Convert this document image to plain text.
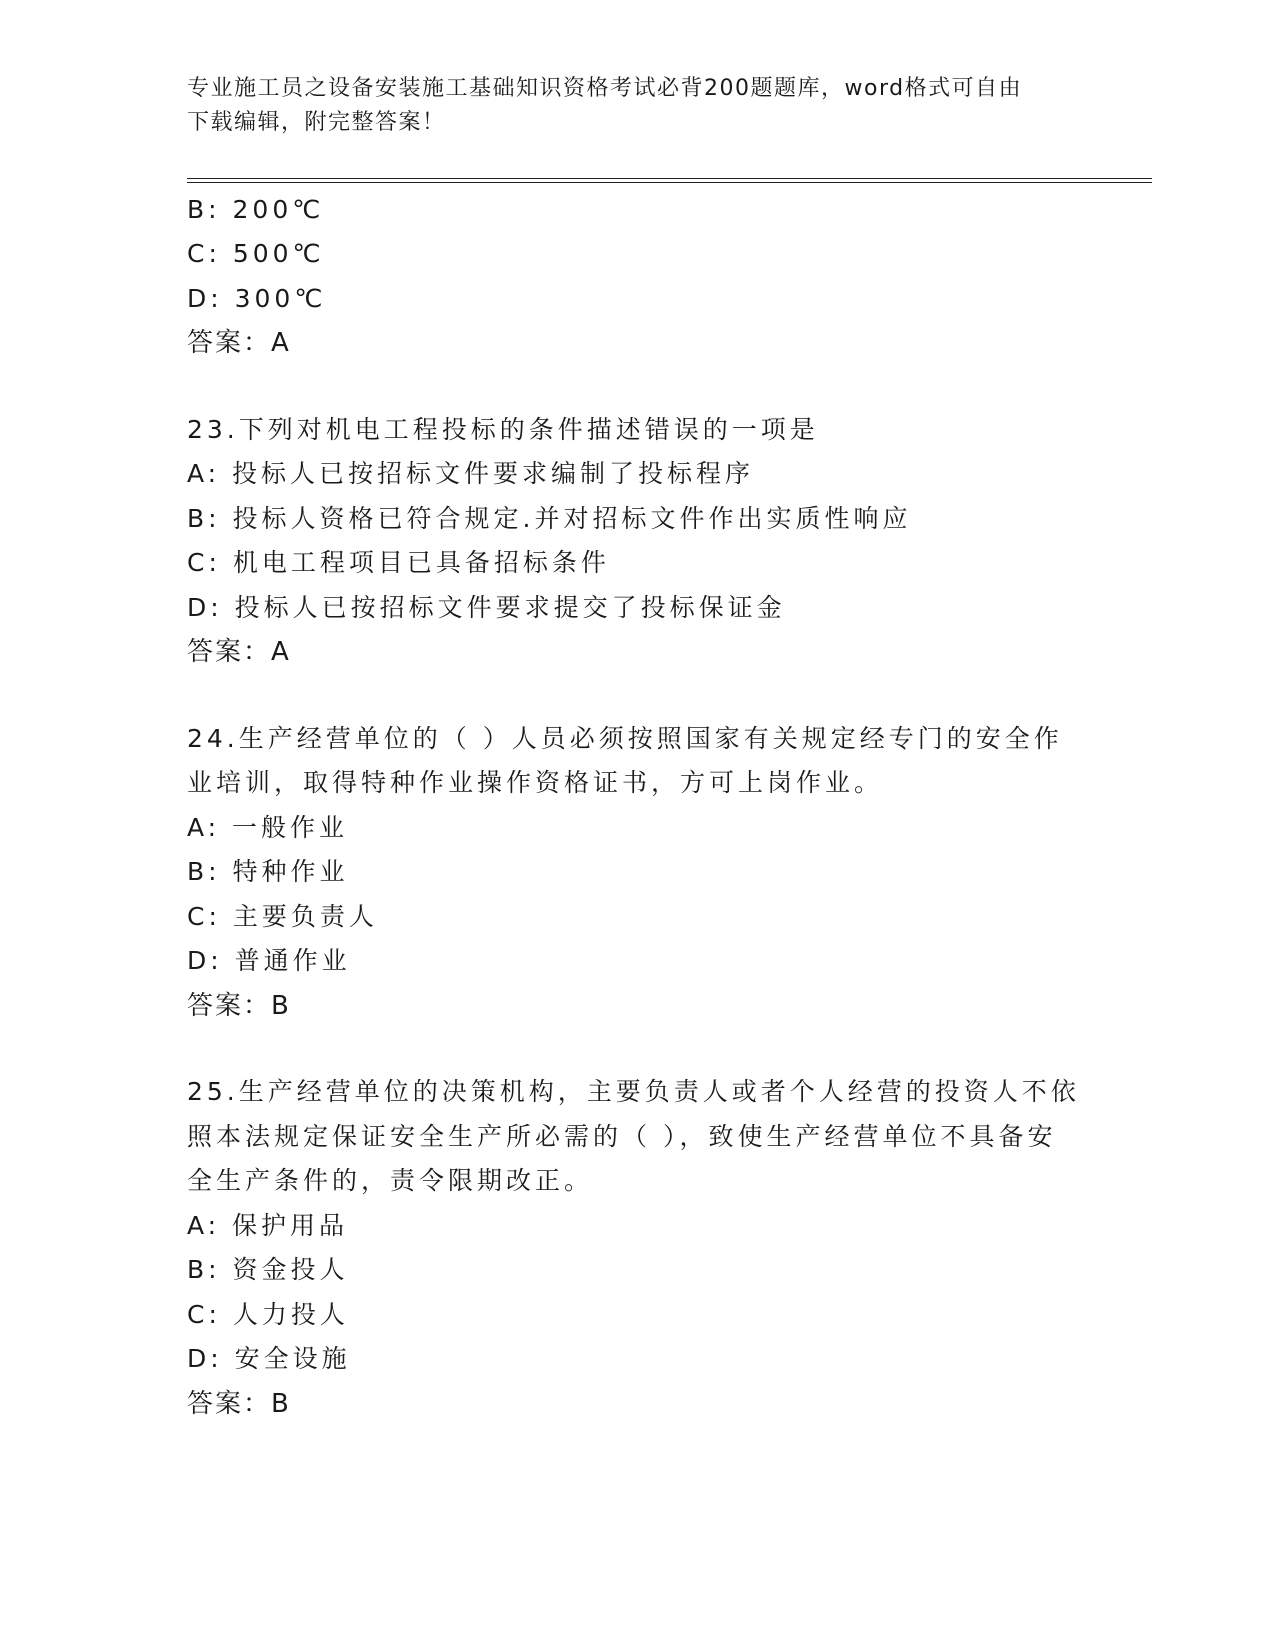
专业施工员之设备安装施工基础知识资格考试必背200题题库，word格式可自由
下载编辑，附完整答案！
B: 200℃
C: 500℃
D: 300℃
答案：A
23.下列对机电工程投标的条件描述错误的一项是
A: 投标人已按招标文件要求编制了投标程序
B: 投标人资格已符合规定.并对招标文件作出实质性响应
C: 机电工程项目已具备招标条件
D: 投标人已按招标文件要求提交了投标保证金
答案：A
24.生产经营单位的（ ）人员必须按照国家有关规定经专门的安全作
业培训，取得特种作业操作资格证书，方可上岗作业。
A: 一般作业
B: 特种作业
C: 主要负责人
D: 普通作业
答案：B
25.生产经营单位的决策机构，主要负责人或者个人经营的投资人不依
照本法规定保证安全生产所必需的（ ），致使生产经营单位不具备安
全生产条件的，责令限期改正。
A: 保护用品
B: 资金投人
C: 人力投人
D: 安全设施
答案：B
